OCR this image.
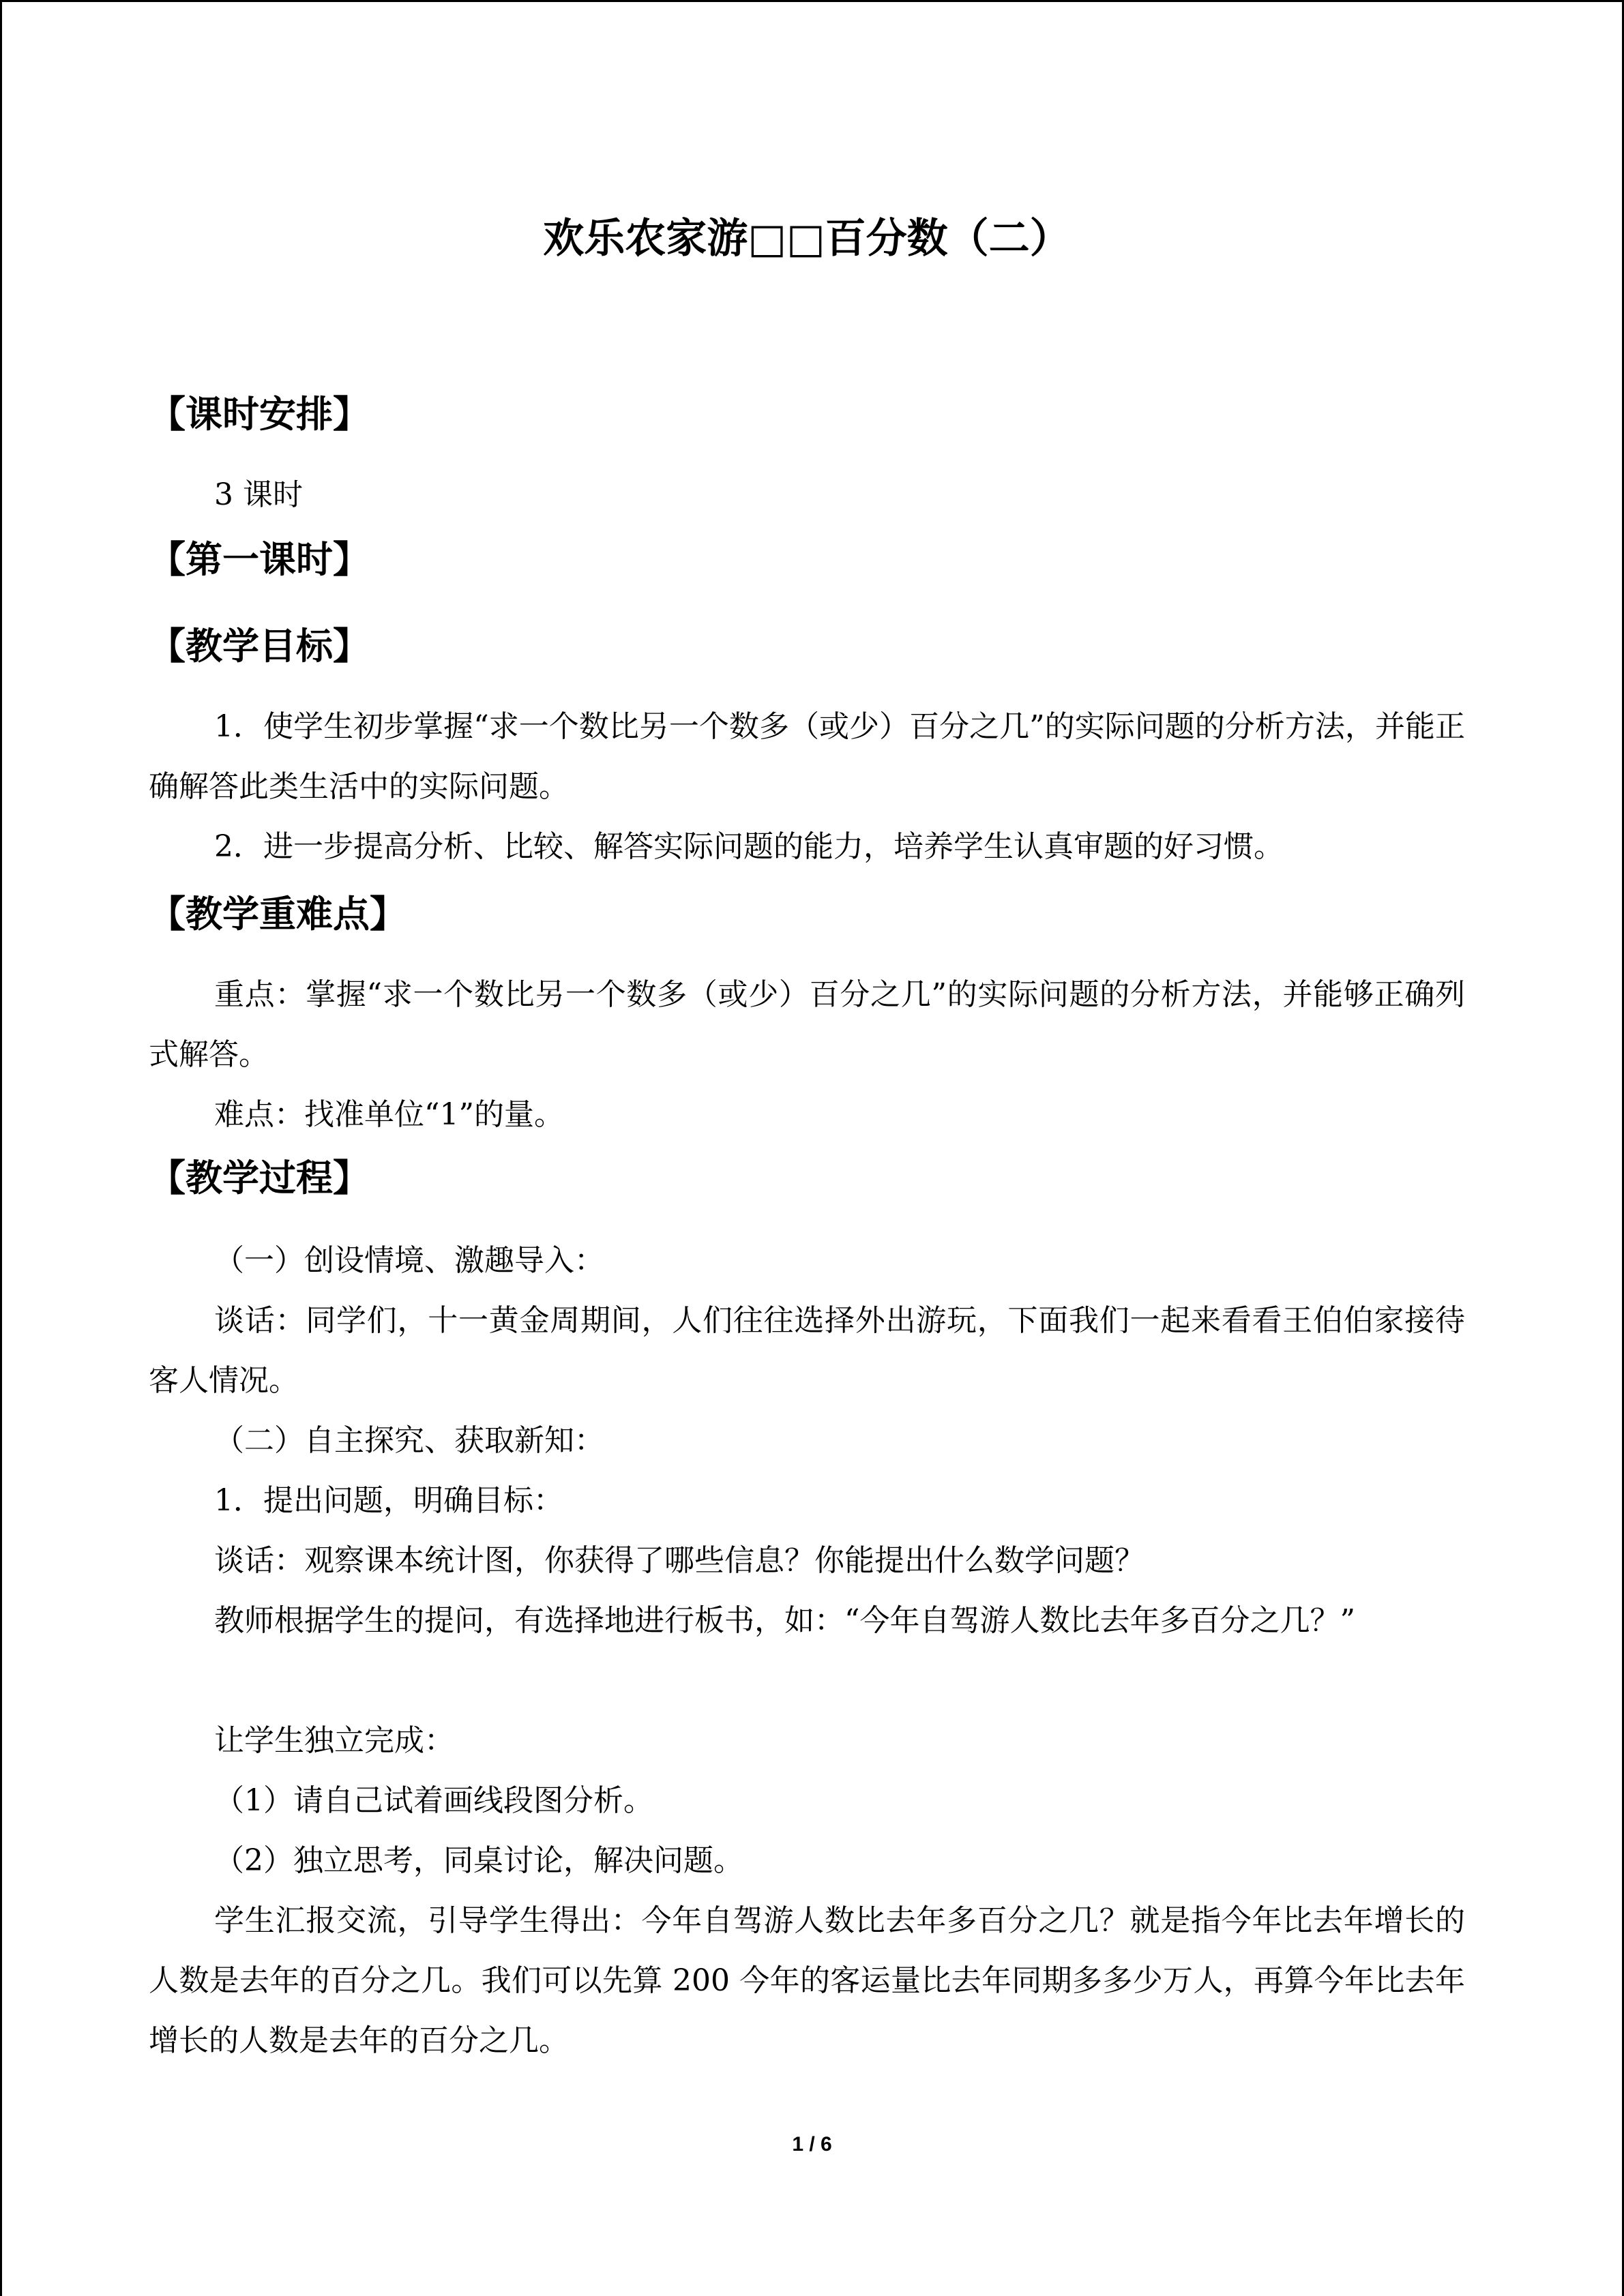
欢乐农家游□□百分数（二）
【课时安排】
3 课时
【第一课时】
【教学目标】
1．使学生初步掌握“求一个数比另一个数多（或少）百分之几”的实际问题的分析方法，并能正确解答此类生活中的实际问题。
2．进一步提高分析、比较、解答实际问题的能力，培养学生认真审题的好习惯。
【教学重难点】
重点：掌握“求一个数比另一个数多（或少）百分之几”的实际问题的分析方法，并能够正确列式解答。
难点：找准单位“1”的量。
【教学过程】
（一）创设情境、激趣导入：
谈话：同学们，十一黄金周期间，人们往往选择外出游玩，下面我们一起来看看王伯伯家接待客人情况。
（二）自主探究、获取新知：
1．提出问题，明确目标：
谈话：观察课本统计图，你获得了哪些信息？你能提出什么数学问题？
教师根据学生的提问，有选择地进行板书，如：“今年自驾游人数比去年多百分之几？”
让学生独立完成：
（1）请自己试着画线段图分析。
（2）独立思考，同桌讨论，解决问题。
学生汇报交流，引导学生得出：今年自驾游人数比去年多百分之几？就是指今年比去年增长的人数是去年的百分之几。我们可以先算 200 今年的客运量比去年同期多多少万人，再算今年比去年增长的人数是去年的百分之几。
1 / 6
